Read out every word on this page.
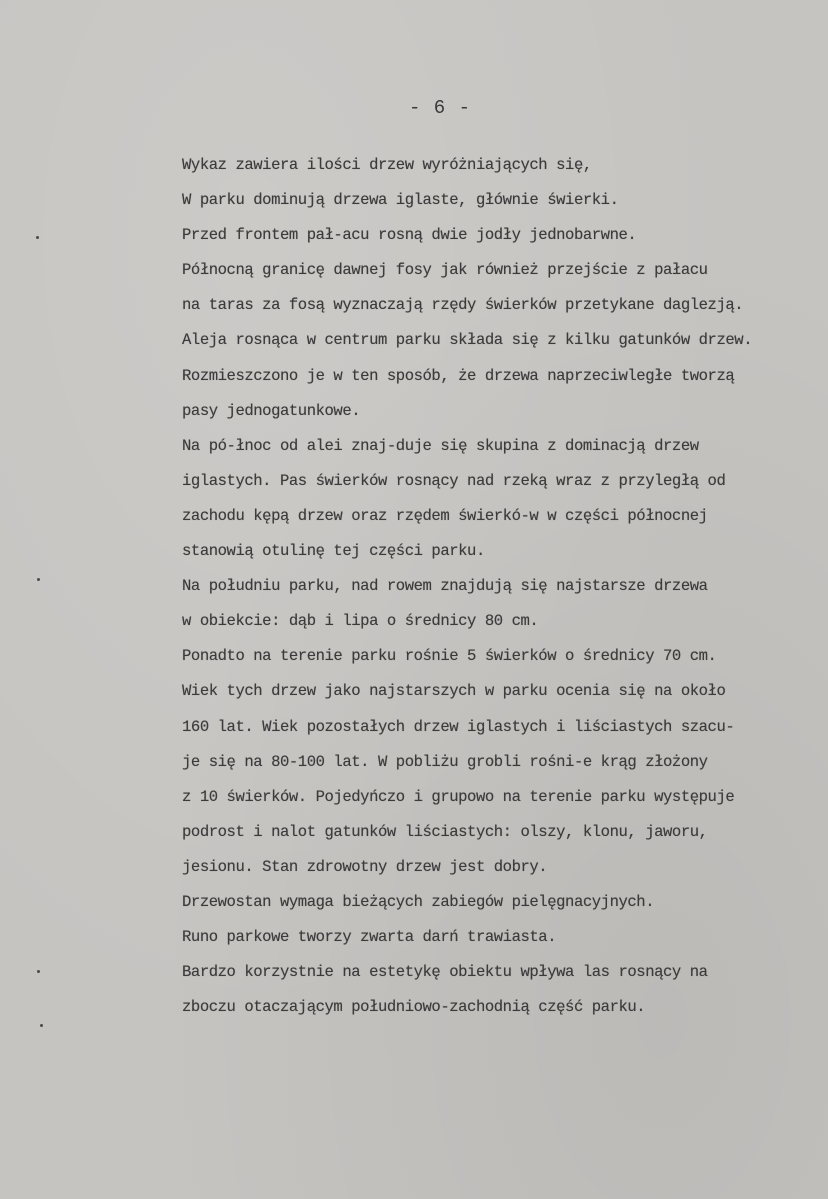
- 6 -
Wykaz zawiera ilości drzew wyróżniających się,
W parku dominują drzewa iglaste, głównie świerki.
Przed frontem pał-acu rosną dwie jodły jednobarwne.
Północną granicę dawnej fosy jak również przejście z pałacu
na taras za fosą wyznaczają rzędy świerków przetykane daglezją.
Aleja rosnąca w centrum parku składa się z kilku gatunków drzew.
Rozmieszczono je w ten sposób, że drzewa naprzeciwległe tworzą
pasy jednogatunkowe.
Na pó-łnoc od alei znaj-duje się skupina z dominacją drzew
iglastych. Pas świerków rosnący nad rzeką wraz z przyległą od
zachodu kępą drzew oraz rzędem świerkó-w w części północnej
stanowią otulinę tej części parku.
Na południu parku, nad rowem znajdują się najstarsze drzewa
w obiekcie: dąb i lipa o średnicy 80 cm.
Ponadto na terenie parku rośnie 5 świerków o średnicy 70 cm.
Wiek tych drzew jako najstarszych w parku ocenia się na około
160 lat. Wiek pozostałych drzew iglastych i liściastych szacu-
je się na 80-100 lat. W pobliżu grobli rośni-e krąg złożony
z 10 świerków. Pojedyńczo i grupowo na terenie parku występuje
podrost i nalot gatunków liściastych: olszy, klonu, jaworu,
jesionu. Stan zdrowotny drzew jest dobry.
Drzewostan wymaga bieżących zabiegów pielęgnacyjnych.
Runo parkowe tworzy zwarta darń trawiasta.
Bardzo korzystnie na estetykę obiektu wpływa las rosnący na
zboczu otaczającym południowo-zachodnią część parku.
